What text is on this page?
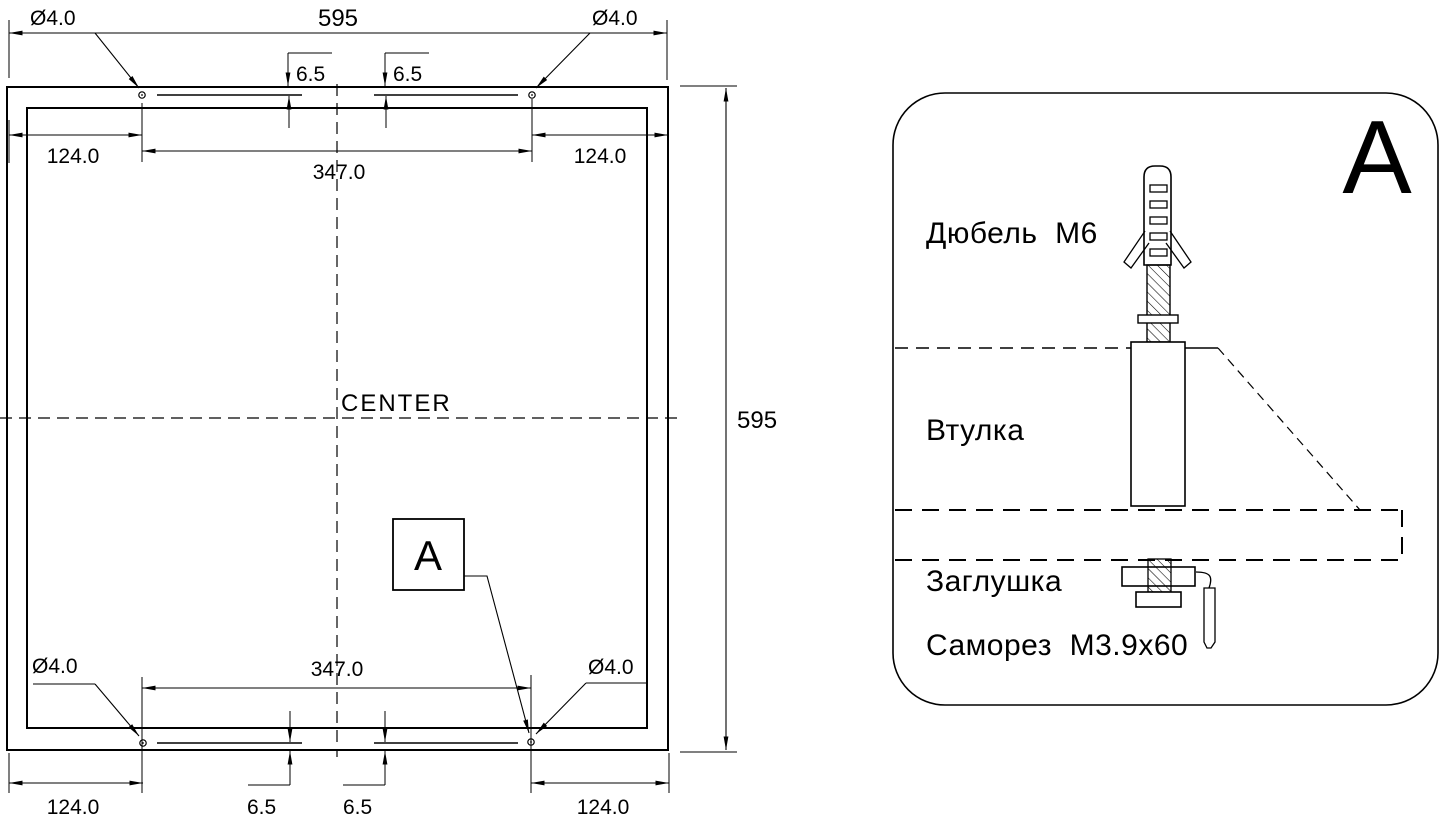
CENTER
595
595
Ø4.0	Ø4.0
Ø4.0	Ø4.0
347.0
124.0	124.0
6.5	6.5
347.0
124.0	124.0
6.5	6.5
A
A
Дюбель  М6
Втулка
Заглушка
Саморез  М3.9х60
